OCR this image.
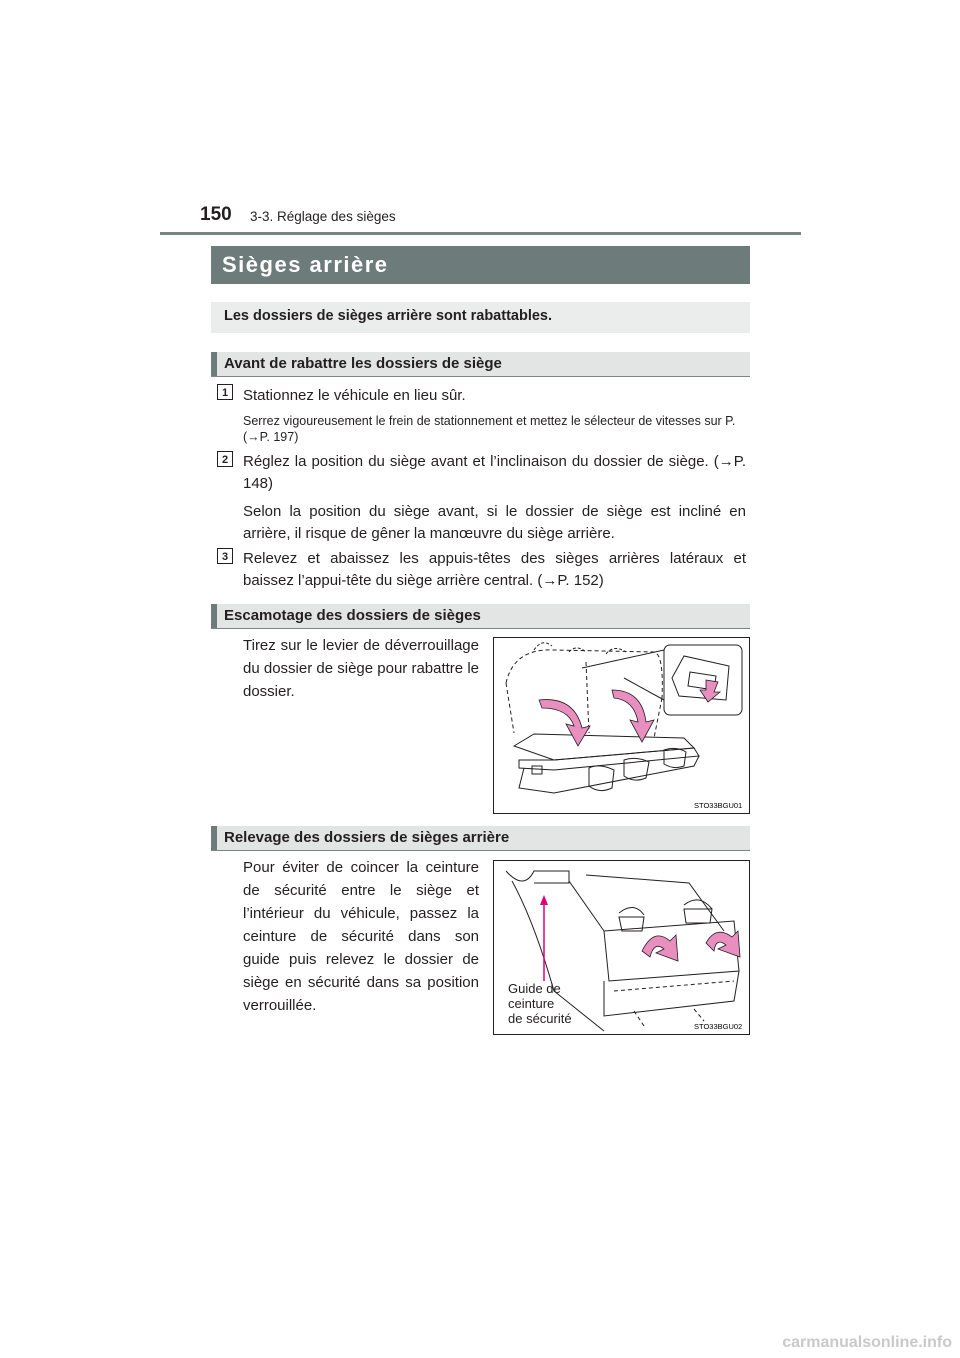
150 3-3. Réglage des sièges
Sièges arrière
Les dossiers de sièges arrière sont rabattables.
Avant de rabattre les dossiers de siège
1 Stationnez le véhicule en lieu sûr.
Serrez vigoureusement le frein de stationnement et mettez le sélecteur de vitesses sur P. (→P. 197)
2 Réglez la position du siège avant et l’inclinaison du dossier de siège. (→P. 148)
Selon la position du siège avant, si le dossier de siège est incliné en arrière, il risque de gêner la manœuvre du siège arrière.
3 Relevez et abaissez les appuis-têtes des sièges arrières latéraux et baissez l’appui-tête du siège arrière central. (→P. 152)
Escamotage des dossiers de sièges
Tirez sur le levier de déverrouillage du dossier de siège pour rabattre le dossier.
STO33BGU01
Relevage des dossiers de sièges arrière
Pour éviter de coincer la ceinture de sécurité entre le siège et l’intérieur du véhicule, passez la ceinture de sécurité dans son guide puis relevez le dossier de siège en sécurité dans sa position verrouillée.
Guide de ceinture de sécurité
STO33BGU02
carmanualsonline.info
